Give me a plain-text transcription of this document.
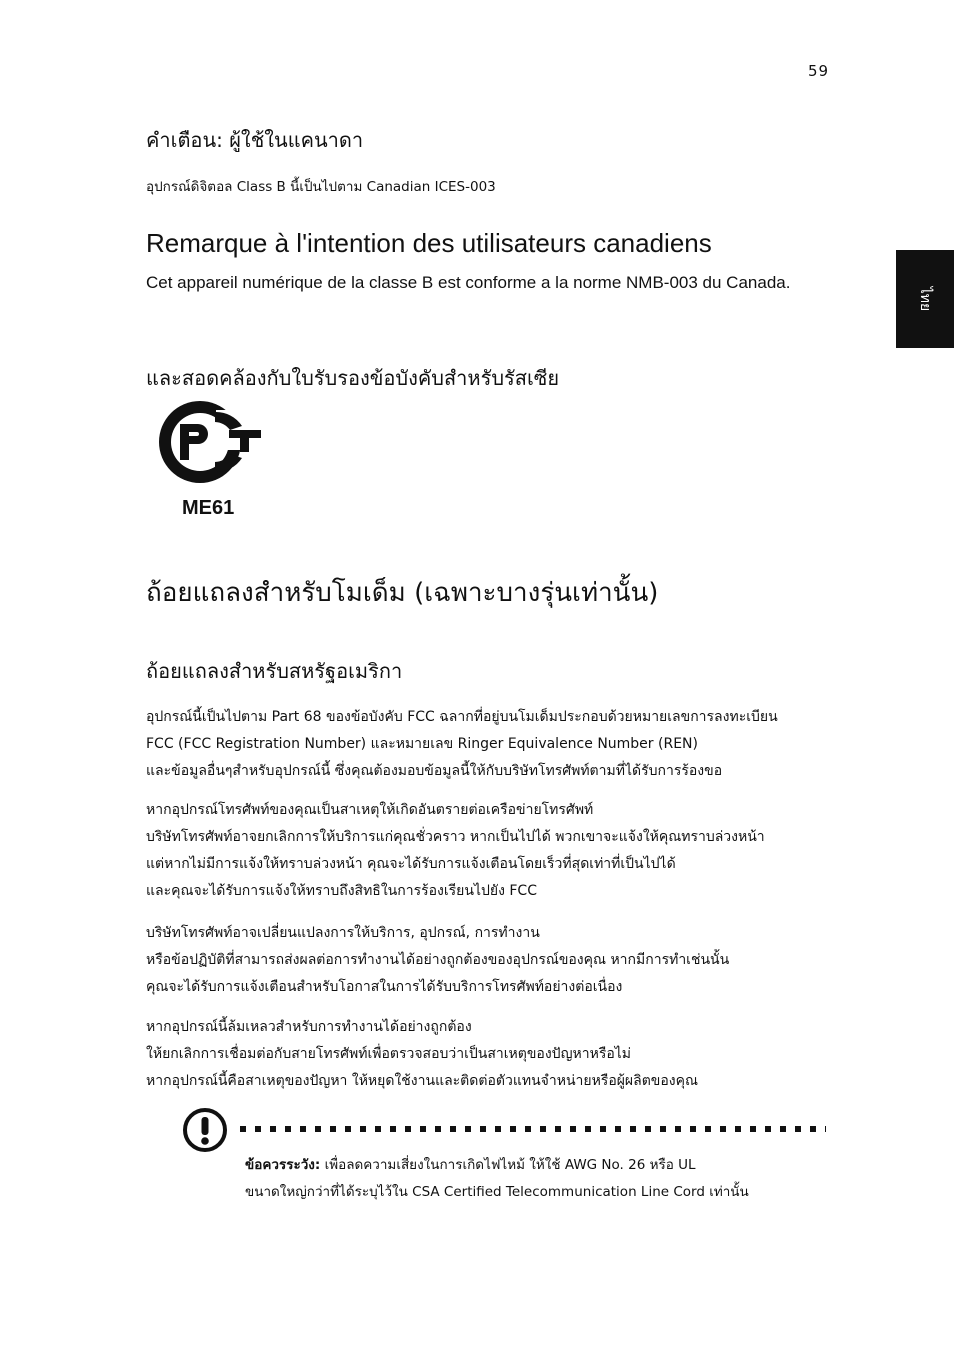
59
ไทย
คำเตือน: ผู้ใช้ในแคนาดา
อุปกรณ์ดิจิตอล Class B นี้เป็นไปตาม Canadian ICES-003
Remarque à l'intention des utilisateurs canadiens
Cet appareil numérique de la classe B est conforme a la norme NMB-003 du Canada.
และสอดคล้องกับใบรับรองข้อบังคับสำหรับรัสเซีย
ME61
ถ้อยแถลงสำหรับโมเด็ม (เฉพาะบางรุ่นเท่านั้น)
ถ้อยแถลงสำหรับสหรัฐอเมริกา
อุปกรณ์นี้เป็นไปตาม Part 68 ของข้อบังคับ FCC ฉลากที่อยู่บนโมเด็มประกอบด้วยหมายเลขการลงทะเบียน
FCC (FCC Registration Number) และหมายเลข Ringer Equivalence Number (REN)
และข้อมูลอื่นๆสำหรับอุปกรณ์นี้ ซึ่งคุณต้องมอบข้อมูลนี้ให้กับบริษัทโทรศัพท์ตามที่ได้รับการร้องขอ
หากอุปกรณ์โทรศัพท์ของคุณเป็นสาเหตุให้เกิดอันตรายต่อเครือข่ายโทรศัพท์
บริษัทโทรศัพท์อาจยกเลิกการให้บริการแก่คุณชั่วคราว หากเป็นไปได้ พวกเขาจะแจ้งให้คุณทราบล่วงหน้า
แต่หากไม่มีการแจ้งให้ทราบล่วงหน้า คุณจะได้รับการแจ้งเตือนโดยเร็วที่สุดเท่าที่เป็นไปได้
และคุณจะได้รับการแจ้งให้ทราบถึงสิทธิในการร้องเรียนไปยัง FCC
บริษัทโทรศัพท์อาจเปลี่ยนแปลงการให้บริการ, อุปกรณ์, การทำงาน
หรือข้อปฏิบัติที่สามารถส่งผลต่อการทำงานได้อย่างถูกต้องของอุปกรณ์ของคุณ หากมีการทำเช่นนั้น
คุณจะได้รับการแจ้งเตือนสำหรับโอกาสในการได้รับบริการโทรศัพท์อย่างต่อเนื่อง
หากอุปกรณ์นี้ล้มเหลวสำหรับการทำงานได้อย่างถูกต้อง
ให้ยกเลิกการเชื่อมต่อกับสายโทรศัพท์เพื่อตรวจสอบว่าเป็นสาเหตุของปัญหาหรือไม่
หากอุปกรณ์นี้คือสาเหตุของปัญหา ให้หยุดใช้งานและติดต่อตัวแทนจำหน่ายหรือผู้ผลิตของคุณ
ข้อควรระวัง: เพื่อลดความเสี่ยงในการเกิดไฟไหม้ ให้ใช้ AWG No. 26 หรือ UL
ขนาดใหญ่กว่าที่ได้ระบุไว้ใน CSA Certified Telecommunication Line Cord เท่านั้น
